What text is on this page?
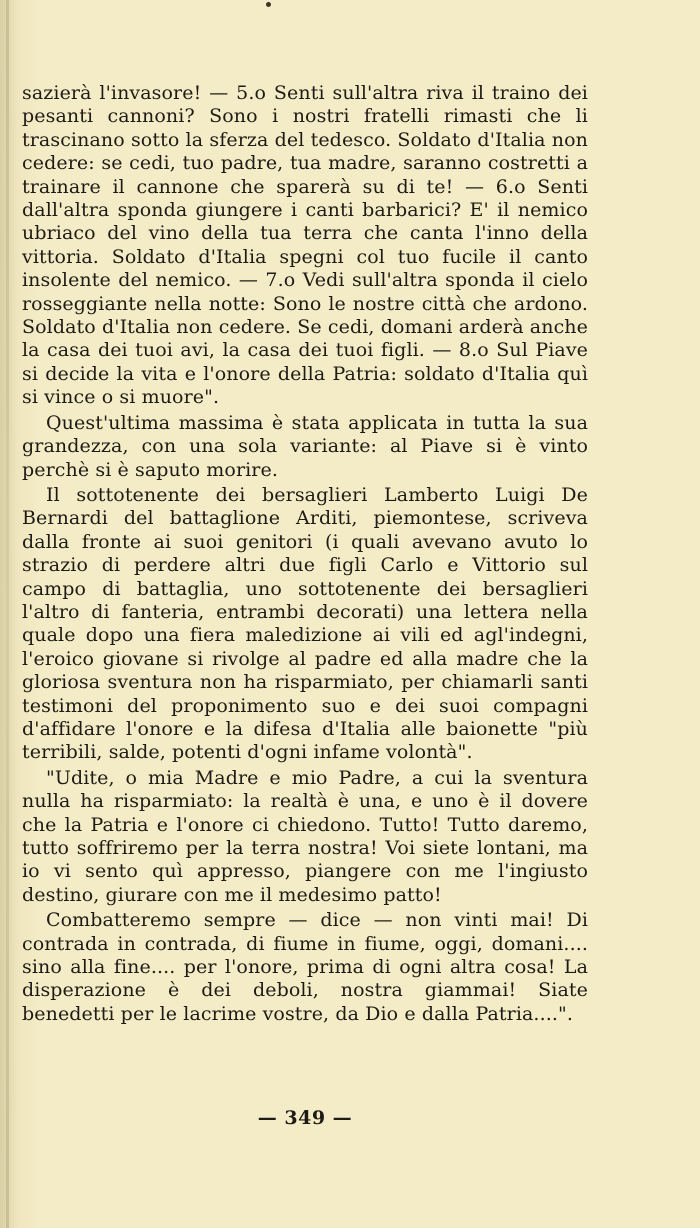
sazierà l'invasore! — 5.o Senti sull'altra riva il traino dei pesanti cannoni? Sono i nostri fratelli rimasti che li trascinano sotto la sferza del tedesco. Soldato d'Italia non cedere: se cedi, tuo padre, tua madre, saranno costretti a trainare il cannone che sparerà su di te! — 6.o Senti dall'altra sponda giungere i canti barbarici? E' il nemico ubriaco del vino della tua terra che canta l'inno della vittoria. Soldato d'Italia spegni col tuo fucile il canto insolente del nemico. — 7.o Vedi sull'altra sponda il cielo rosseggiante nella notte: Sono le nostre città che ardono. Soldato d'Italia non cedere. Se cedi, domani arderà anche la casa dei tuoi avi, la casa dei tuoi figli. — 8.o Sul Piave si decide la vita e l'onore della Patria: soldato d'Italia quì si vince o si muore".

Quest'ultima massima è stata applicata in tutta la sua grandezza, con una sola variante: al Piave si è vinto perchè si è saputo morire.

Il sottotenente dei bersaglieri Lamberto Luigi De Bernardi del battaglione Arditi, piemontese, scriveva dalla fronte ai suoi genitori (i quali avevano avuto lo strazio di perdere altri due figli Carlo e Vittorio sul campo di battaglia, uno sottotenente dei bersaglieri l'altro di fanteria, entrambi decorati) una lettera nella quale dopo una fiera maledizione ai vili ed agl'indegni, l'eroico giovane si rivolge al padre ed alla madre che la gloriosa sventura non ha risparmiato, per chiamarli santi testimoni del proponimento suo e dei suoi compagni d'affidare l'onore e la difesa d'Italia alle baionette "più terribili, salde, potenti d'ogni infame volontà".

"Udite, o mia Madre e mio Padre, a cui la sventura nulla ha risparmiato: la realtà è una, e uno è il dovere che la Patria e l'onore ci chiedono. Tutto! Tutto daremo, tutto soffriremo per la terra nostra! Voi siete lontani, ma io vi sento quì appresso, piangere con me l'ingiusto destino, giurare con me il medesimo patto!

Combatteremo sempre — dice — non vinti mai! Di contrada in contrada, di fiume in fiume, oggi, domani.... sino alla fine.... per l'onore, prima di ogni altra cosa! La disperazione è dei deboli, nostra giammai! Siate benedetti per le lacrime vostre, da Dio e dalla Patria....".

— 349 —
